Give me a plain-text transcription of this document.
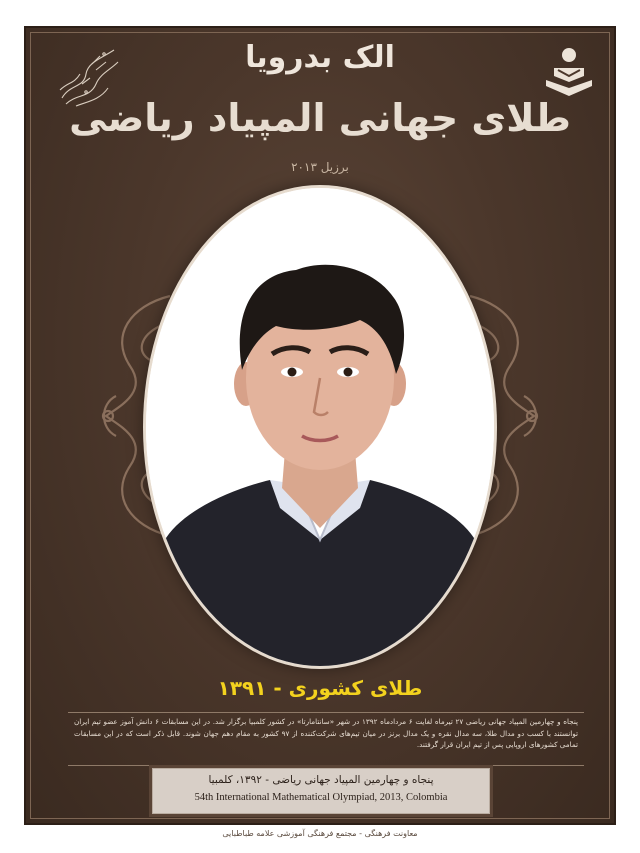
الک بدرویا
طلای جهانی المپیاد ریاضی
برزیل ۲۰۱۳
طلای کشوری - ۱۳۹۱
پنجاه و چهارمین المپیاد جهانی ریاضی ۲۷ تیرماه لغایت ۶ مردادماه ۱۳۹۲ در شهر «سانتامارتا» در کشور کلمبیا برگزار شد. در این مسابقات ۶ دانش آموز عضو تیم ایران توانستند با کسب دو مدال طلا، سه مدال نقره و یک مدال برنز در میان تیم‌های شرکت‌کننده از ۹۷ کشور به مقام دهم جهان شوند. قابل ذکر است که در این مسابقات تمامی کشورهای اروپایی پس از تیم ایران قرار گرفتند.
پنجاه و چهارمین المپیاد جهانی ریاضی - ۱۳۹۲، کلمبیا
54th International Mathematical Olympiad, 2013, Colombia
معاونت فرهنگی - مجتمع فرهنگی آموزشی علامه طباطبایی
